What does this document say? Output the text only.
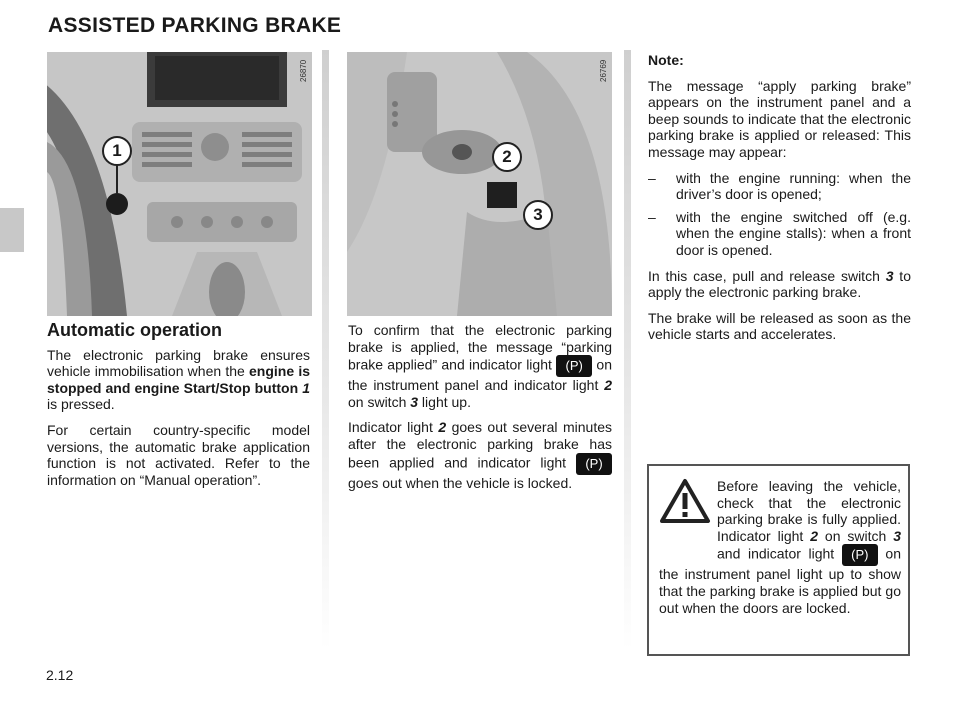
ASSISTED PARKING BRAKE
1
26870
2
3
26769
Automatic operation

The electronic parking brake ensures vehicle immobilisation when the engine is stopped and engine Start/Stop button 1 is pressed.

For certain country-specific model versions, the automatic brake application function is not activated. Refer to the information on “Manual operation”.

To confirm that the electronic parking brake is applied, the message “parking brake applied” and indicator light (P) on the instrument panel and indicator light 2 on switch 3 light up.

Indicator light 2 goes out several minutes after the electronic parking brake has been applied and indicator light (P) goes out when the vehicle is locked.

Note:

The message “apply parking brake” appears on the instrument panel and a beep sounds to indicate that the electronic parking brake is applied or released: This message may appear:

– with the engine running: when the driver’s door is opened;
– with the engine switched off (e.g. when the engine stalls): when a front door is opened.

In this case, pull and release switch 3 to apply the electronic parking brake.

The brake will be released as soon as the vehicle starts and accelerates.

Before leaving the vehicle, check that the electronic parking brake is fully applied. Indicator light 2 on switch 3 and indicator light (P) on the instrument panel light up to show that the parking brake is applied but go out when the doors are locked.
2.12
